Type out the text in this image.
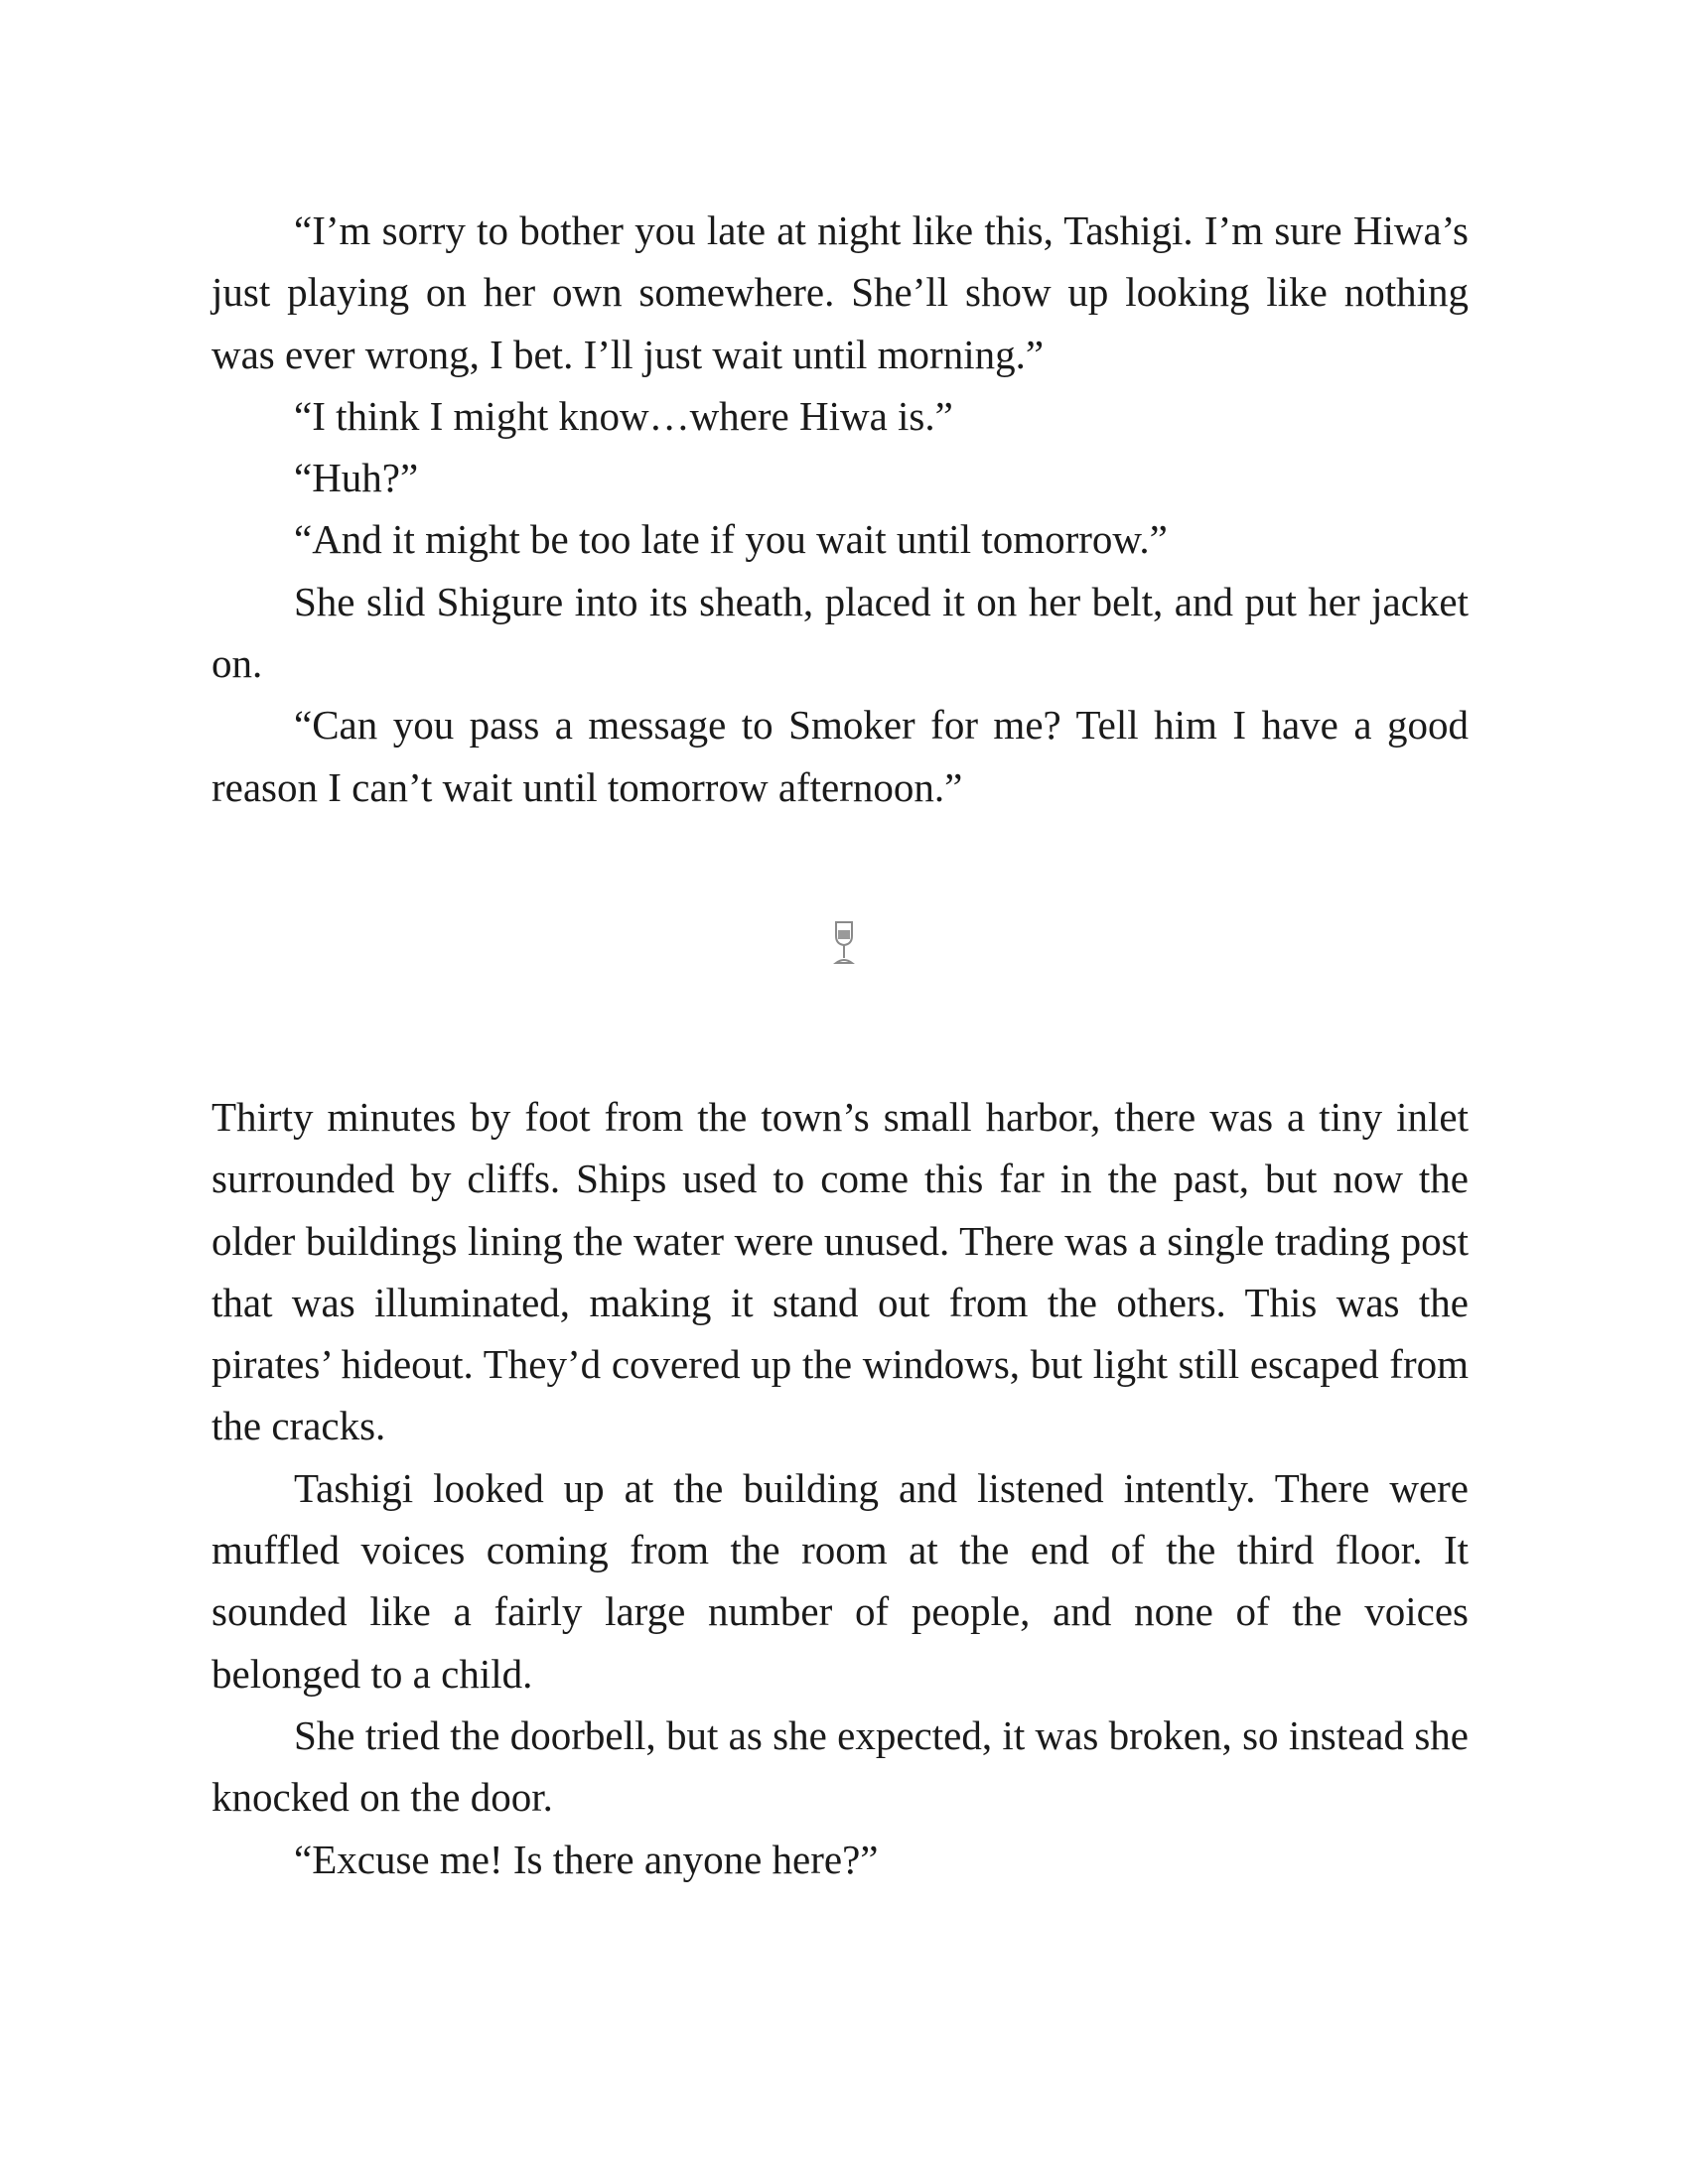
“I’m sorry to bother you late at night like this, Tashigi. I’m sure Hiwa’s just playing on her own somewhere. She’ll show up looking like nothing was ever wrong, I bet. I’ll just wait until morning.”

“I think I might know…where Hiwa is.”

“Huh?”

“And it might be too late if you wait until tomorrow.”

She slid Shigure into its sheath, placed it on her belt, and put her jacket on.

“Can you pass a message to Smoker for me? Tell him I have a good reason I can’t wait until tomorrow afternoon.”

Thirty minutes by foot from the town’s small harbor, there was a tiny inlet surrounded by cliffs. Ships used to come this far in the past, but now the older buildings lining the water were unused. There was a single trading post that was illuminated, making it stand out from the others. This was the pirates’ hideout. They’d covered up the windows, but light still escaped from the cracks.

Tashigi looked up at the building and listened intently. There were muffled voices coming from the room at the end of the third floor. It sounded like a fairly large number of people, and none of the voices belonged to a child.

She tried the doorbell, but as she expected, it was broken, so instead she knocked on the door.

“Excuse me! Is there anyone here?”
